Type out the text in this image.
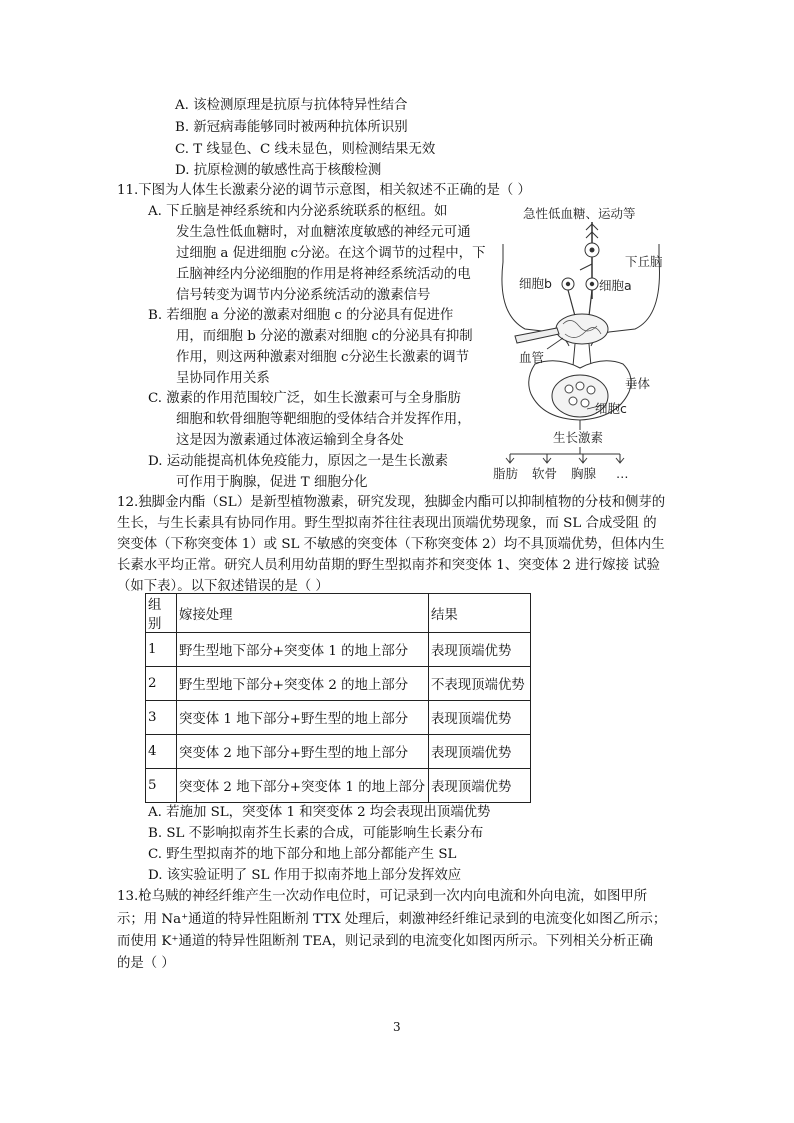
A. 该检测原理是抗原与抗体特异性结合
B. 新冠病毒能够同时被两种抗体所识别
C. T 线显色、C 线未显色，则检测结果无效
D. 抗原检测的敏感性高于核酸检测
11.下图为人体生长激素分泌的调节示意图，相关叙述不正确的是（ ）
A. 下丘脑是神经系统和内分泌系统联系的枢纽。如
发生急性低血糖时，对血糖浓度敏感的神经元可通
过细胞 a 促进细胞 c分泌。在这个调节的过程中，下
丘脑神经内分泌细胞的作用是将神经系统活动的电
信号转变为调节内分泌系统活动的激素信号
B. 若细胞 a 分泌的激素对细胞 c 的分泌具有促进作
用，而细胞 b 分泌的激素对细胞 c的分泌具有抑制
作用，则这两种激素对细胞 c分泌生长激素的调节
呈协同作用关系
C. 激素的作用范围较广泛，如生长激素可与全身脂肪
细胞和软骨细胞等靶细胞的受体结合并发挥作用，
这是因为激素通过体液运输到全身各处
D. 运动能提高机体免疫能力，原因之一是生长激素
可作用于胸腺，促进 T 细胞分化
急性低血糖、运动等
下丘脑
细胞a
细胞b
血管
垂体
细胞c
生长激素
脂肪 软骨 胸腺 …
12.独脚金内酯（SL）是新型植物激素，研究发现，独脚金内酯可以抑制植物的分枝和侧芽的
生长，与生长素具有协同作用。野生型拟南芥往往表现出顶端优势现象，而 SL 合成受阻 的
突变体（下称突变体 1）或 SL 不敏感的突变体（下称突变体 2）均不具顶端优势，但体内生
长素水平均正常。研究人员利用幼苗期的野生型拟南芥和突变体 1、突变体 2 进行嫁接 试验
（如下表）。以下叙述错误的是（ ）
组别	嫁接处理	结果
1	野生型地下部分+突变体 1 的地上部分	表现顶端优势
2	野生型地下部分+突变体 2 的地上部分	不表现顶端优势
3	突变体 1 地下部分+野生型的地上部分	表现顶端优势
4	突变体 2 地下部分+野生型的地上部分	表现顶端优势
5	突变体 2 地下部分+突变体 1 的地上部分	表现顶端优势
A. 若施加 SL，突变体 1 和突变体 2 均会表现出顶端优势
B. SL 不影响拟南芥生长素的合成，可能影响生长素分布
C. 野生型拟南芥的地下部分和地上部分都能产生 SL
D. 该实验证明了 SL 作用于拟南芥地上部分发挥效应
13.枪乌贼的神经纤维产生一次动作电位时，可记录到一次内向电流和外向电流，如图甲所
示；用 Na⁺通道的特异性阻断剂 TTX 处理后，刺激神经纤维记录到的电流变化如图乙所示；
而使用 K⁺通道的特异性阻断剂 TEA，则记录到的电流变化如图丙所示。下列相关分析正确
的是（ ）
3
